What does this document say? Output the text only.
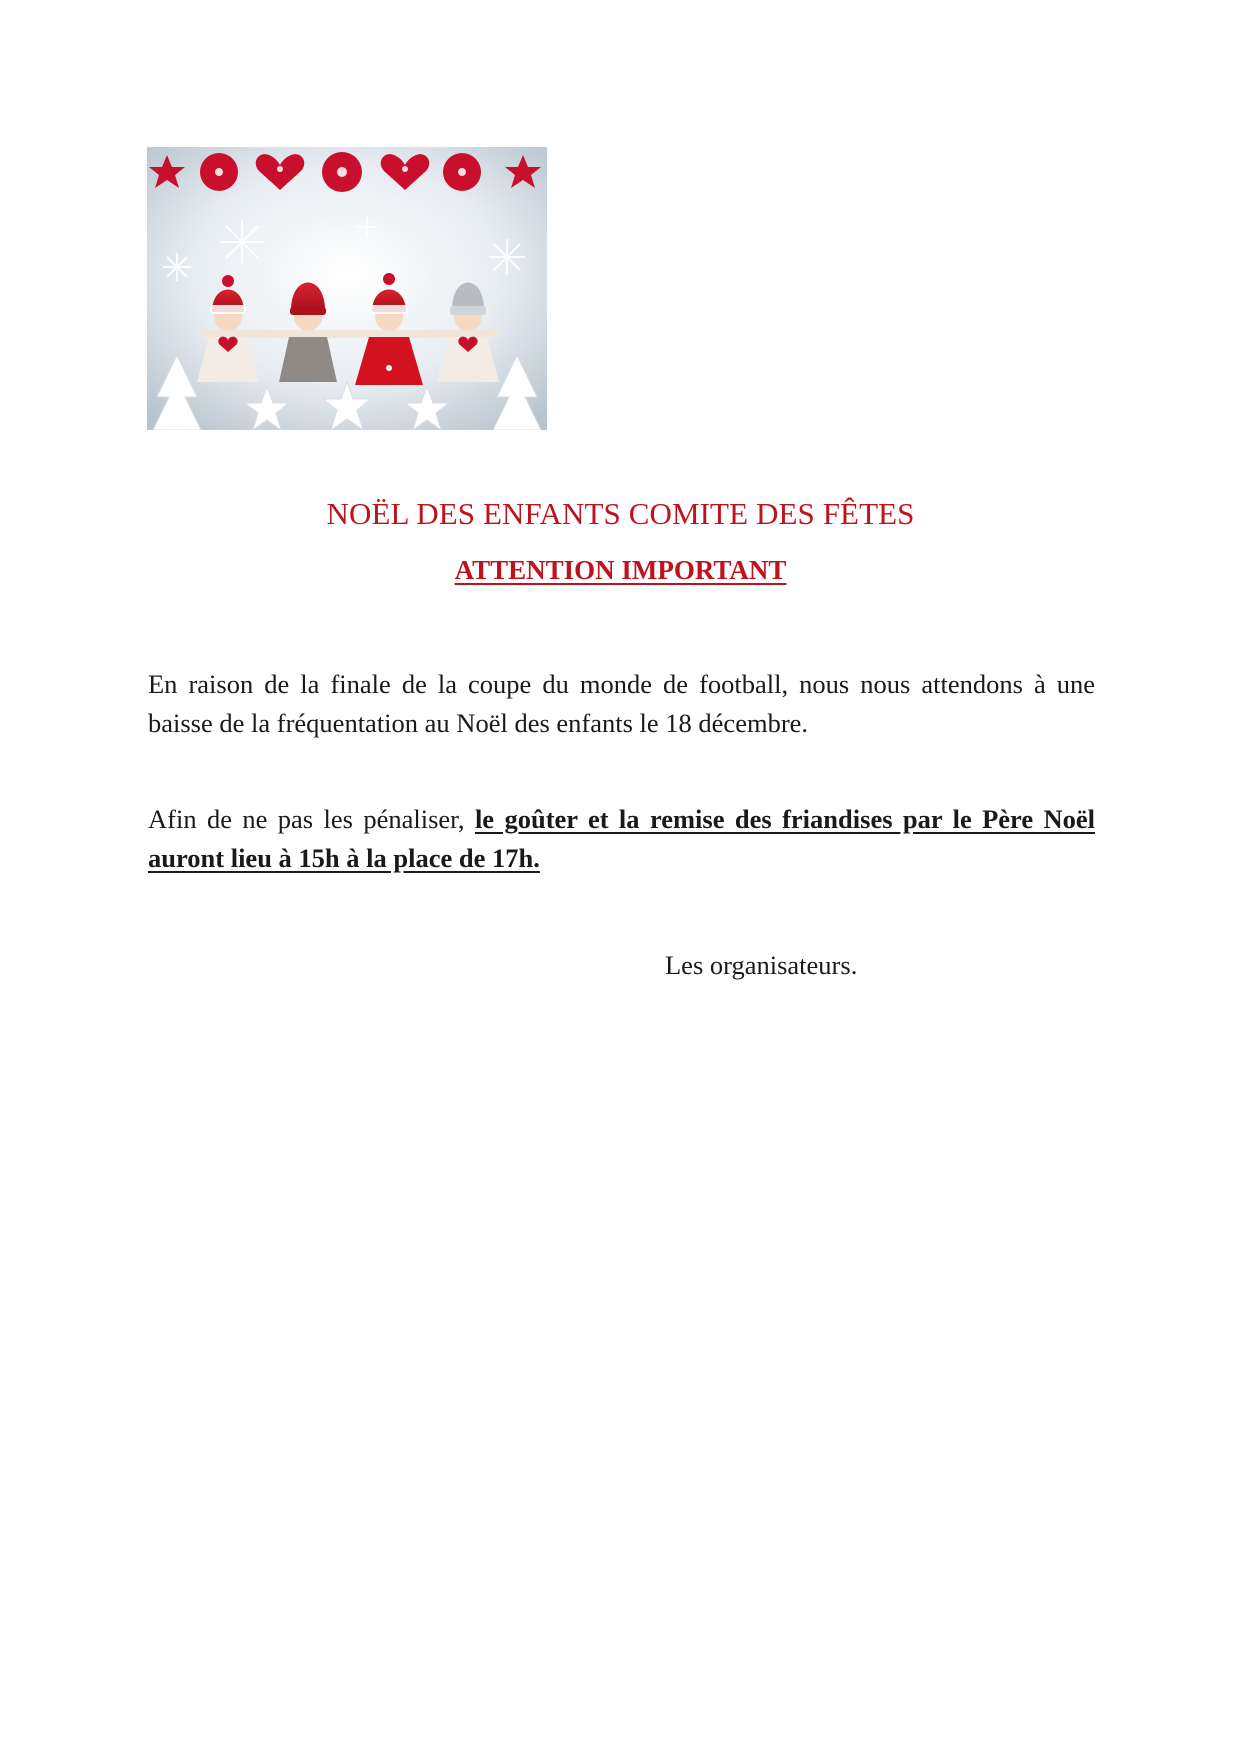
NOËL DES ENFANTS COMITE DES FÊTES
ATTENTION IMPORTANT

En raison de la finale de la coupe du monde de football, nous nous attendons à une baisse de la fréquentation au Noël des enfants le 18 décembre.

Afin de ne pas les pénaliser, le goûter et la remise des friandises par le Père Noël auront lieu à 15h à la place de 17h.

Les organisateurs.
